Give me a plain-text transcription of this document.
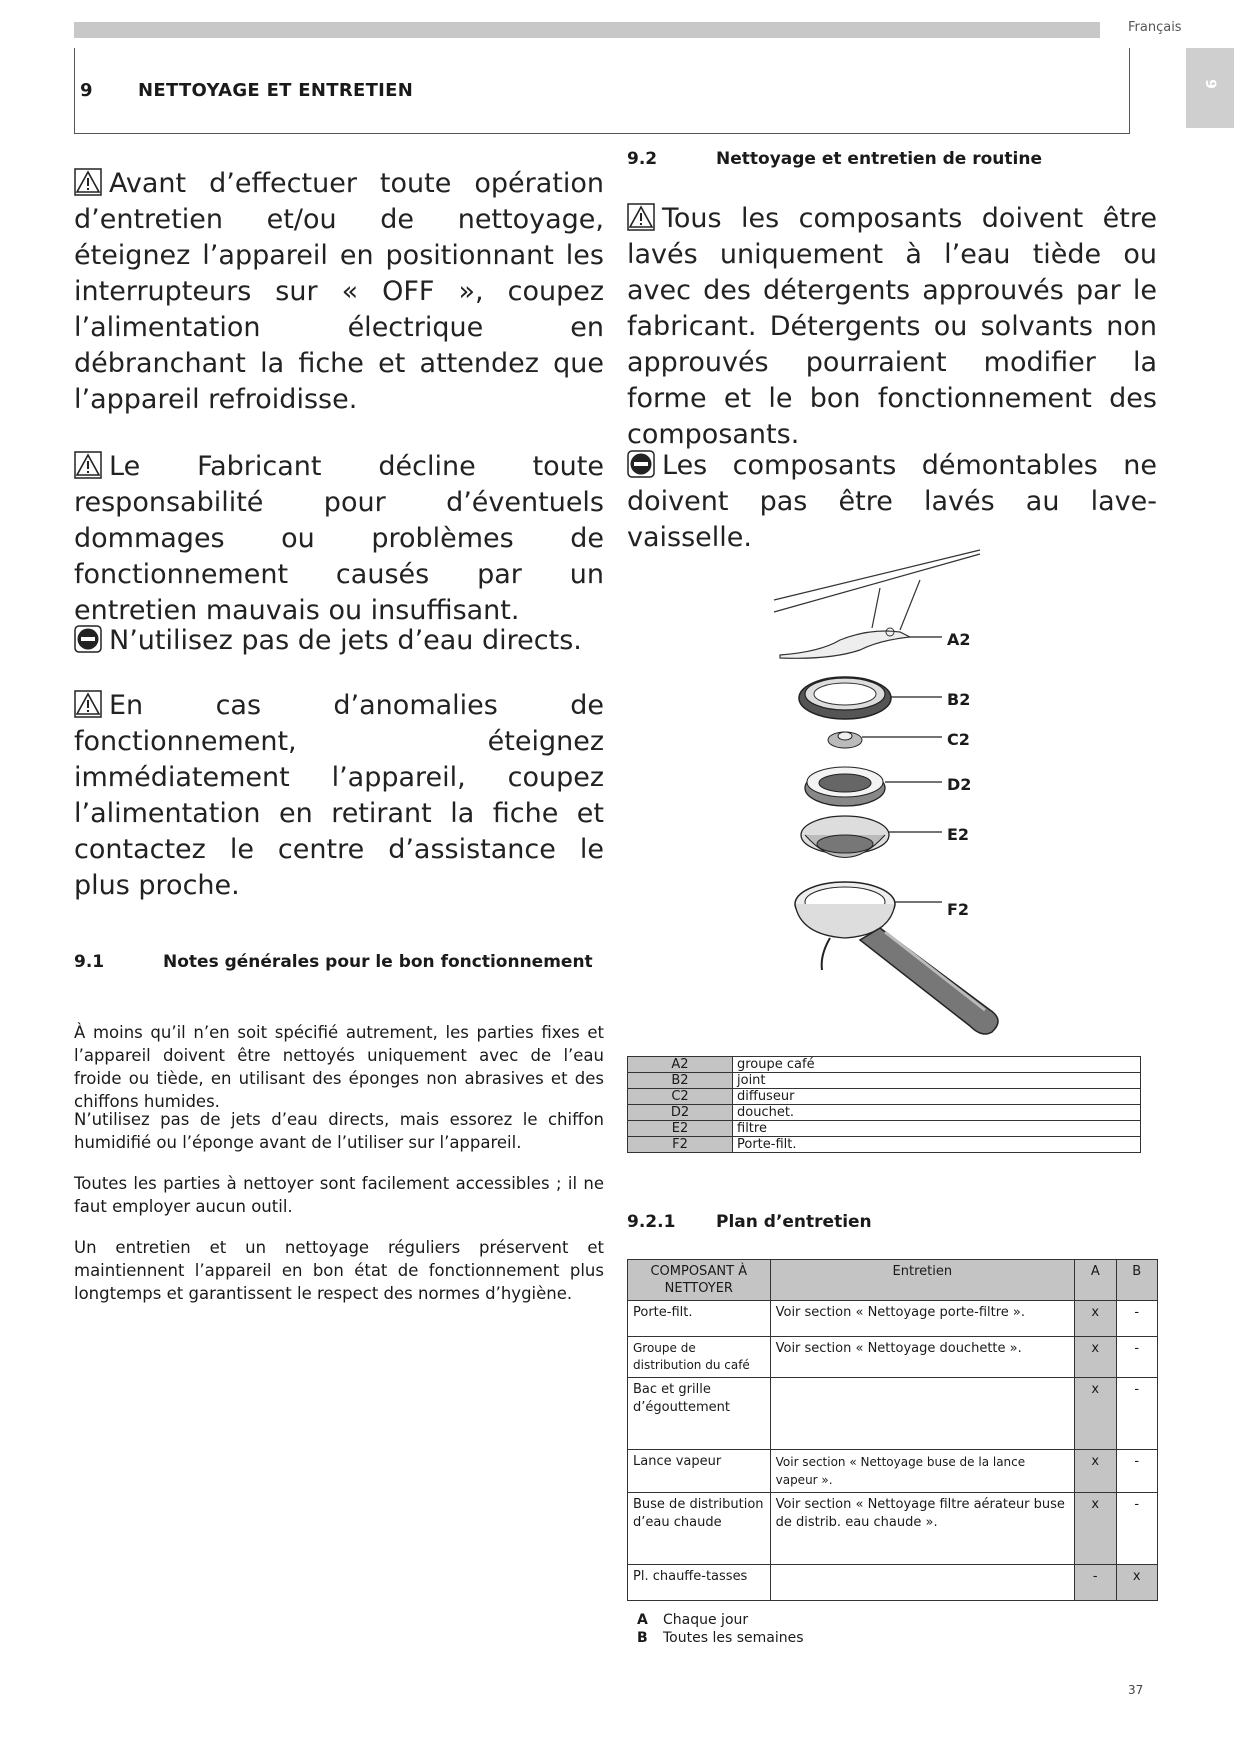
Français
9
9	NETTOYAGE ET ENTRETIEN
Avant d’effectuer toute opération d’entretien et/ou de nettoyage, éteignez l’appareil en positionnant les interrupteurs sur « OFF », coupez l’alimentation électrique en débranchant la fiche et attendez que l’appareil refroidisse.
Le Fabricant décline toute responsabilité pour d’éventuels dommages ou problèmes de fonctionnement causés par un entretien mauvais ou insuffisant.
N’utilisez pas de jets d’eau directs.
En cas d’anomalies de fonctionnement, éteignez immédiatement l’appareil, coupez l’alimentation en retirant la fiche et contactez le centre d’assistance le plus proche.
9.1	Notes générales pour le bon fonctionnement
À moins qu’il n’en soit spécifié autrement, les parties fixes et l’appareil doivent être nettoyés uniquement avec de l’eau froide ou tiède, en utilisant des éponges non abrasives et des chiffons humides.
N’utilisez pas de jets d’eau directs, mais essorez le chiffon humidifié ou l’éponge avant de l’utiliser sur l’appareil.
Toutes les parties à nettoyer sont facilement accessibles ; il ne faut employer aucun outil.
Un entretien et un nettoyage réguliers préservent et maintiennent l’appareil en bon état de fonctionnement plus longtemps et garantissent le respect des normes d’hygiène.
9.2	Nettoyage et entretien de routine
Tous les composants doivent être lavés uniquement à l’eau tiède ou avec des détergents approuvés par le fabricant. Détergents ou solvants non approuvés pourraient modifier la forme et le bon fonctionnement des composants.
Les composants démontables ne doivent pas être lavés au lave-vaisselle.
A2
B2
C2
D2
E2
F2
A2	groupe café
B2	joint
C2	diffuseur
D2	douchet.
E2	filtre
F2	Porte-filt.
9.2.1 Plan d’entretien
COMPOSANT À NETTOYER	Entretien	A	B
Porte-filt.	Voir section « Nettoyage porte-filtre ».	x	-
Groupe de distribution du café	Voir section « Nettoyage douchette ».	x	-
Bac et grille d’égouttement		x	-
Lance vapeur	Voir section « Nettoyage buse de la lance vapeur ».	x	-
Buse de distribution d’eau chaude	Voir section « Nettoyage filtre aérateur buse de distrib. eau chaude ».	x	-
Pl. chauffe-tasses		-	x
A Chaque jour
B Toutes les semaines
37
